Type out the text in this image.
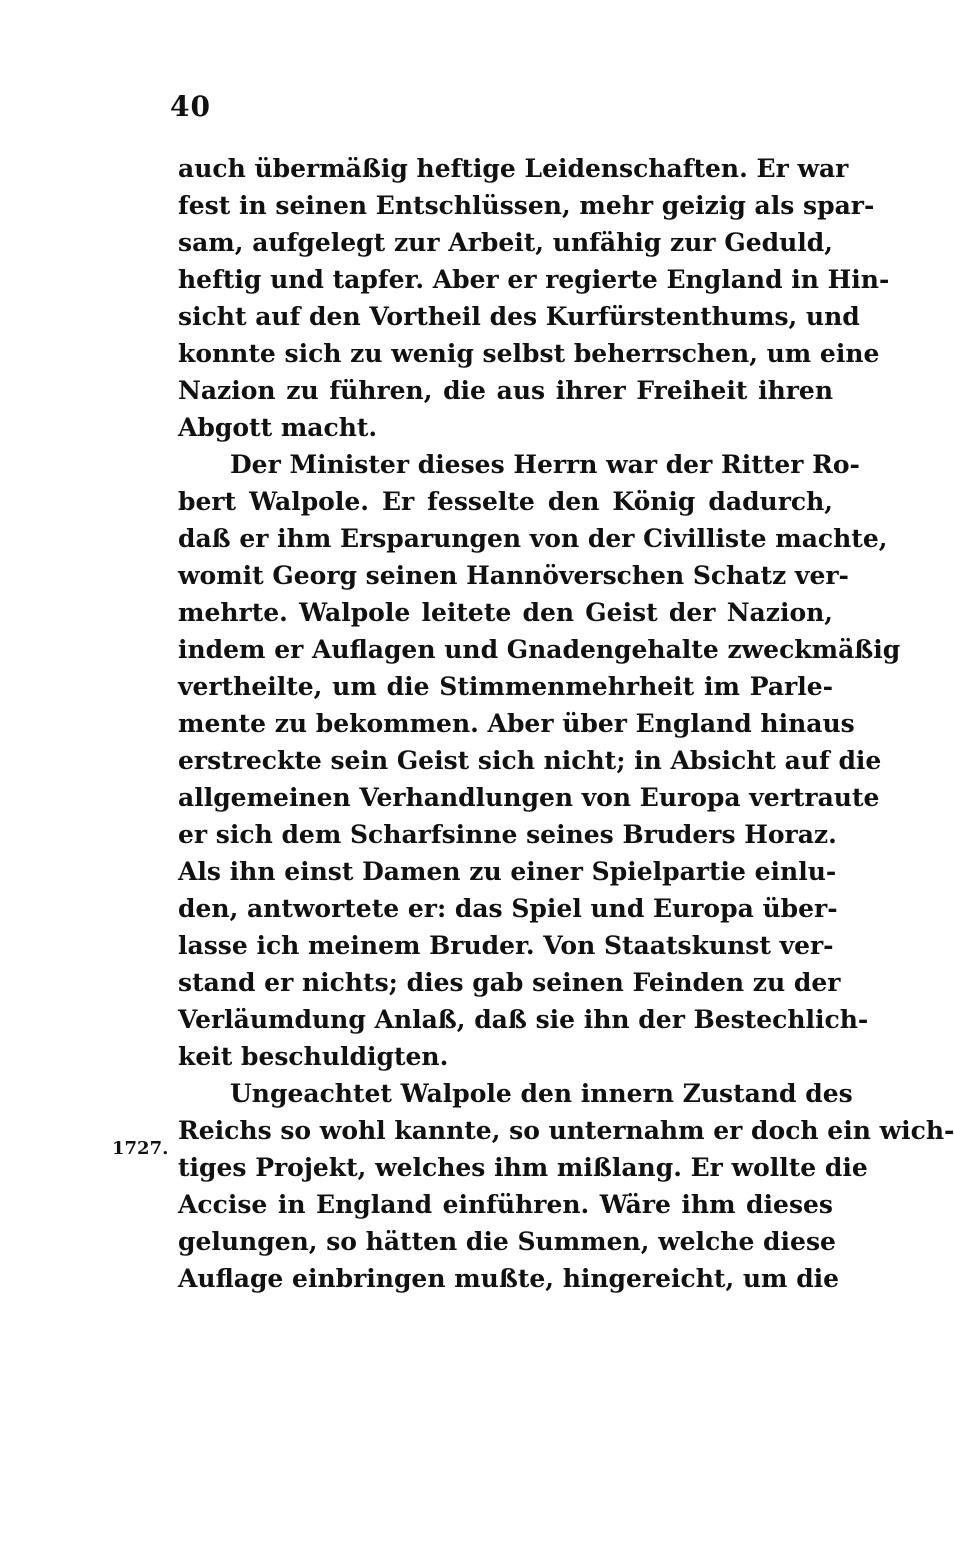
40
1727.
auch übermäßig heftige Leidenschaften. Er war
fest in seinen Entschlüssen, mehr geizig als spar-
sam, aufgelegt zur Arbeit, unfähig zur Geduld,
heftig und tapfer. Aber er regierte England in Hin-
sicht auf den Vortheil des Kurfürstenthums, und
konnte sich zu wenig selbst beherrschen, um eine
Nazion zu führen, die aus ihrer Freiheit ihren
Abgott macht.
Der Minister dieses Herrn war der Ritter Ro-
bert Walpole. Er fesselte den König dadurch,
daß er ihm Ersparungen von der Civilliste machte,
womit Georg seinen Hannöverschen Schatz ver-
mehrte. Walpole leitete den Geist der Nazion,
indem er Auflagen und Gnadengehalte zweckmäßig
vertheilte, um die Stimmenmehrheit im Parle-
mente zu bekommen. Aber über England hinaus
erstreckte sein Geist sich nicht; in Absicht auf die
allgemeinen Verhandlungen von Europa vertraute
er sich dem Scharfsinne seines Bruders Horaz.
Als ihn einst Damen zu einer Spielpartie einlu-
den, antwortete er: das Spiel und Europa über-
lasse ich meinem Bruder. Von Staatskunst ver-
stand er nichts; dies gab seinen Feinden zu der
Verläumdung Anlaß, daß sie ihn der Bestechlich-
keit beschuldigten.
Ungeachtet Walpole den innern Zustand des
Reichs so wohl kannte, so unternahm er doch ein wich-
tiges Projekt, welches ihm mißlang. Er wollte die
Accise in England einführen. Wäre ihm dieses
gelungen, so hätten die Summen, welche diese
Auflage einbringen mußte, hingereicht, um die
